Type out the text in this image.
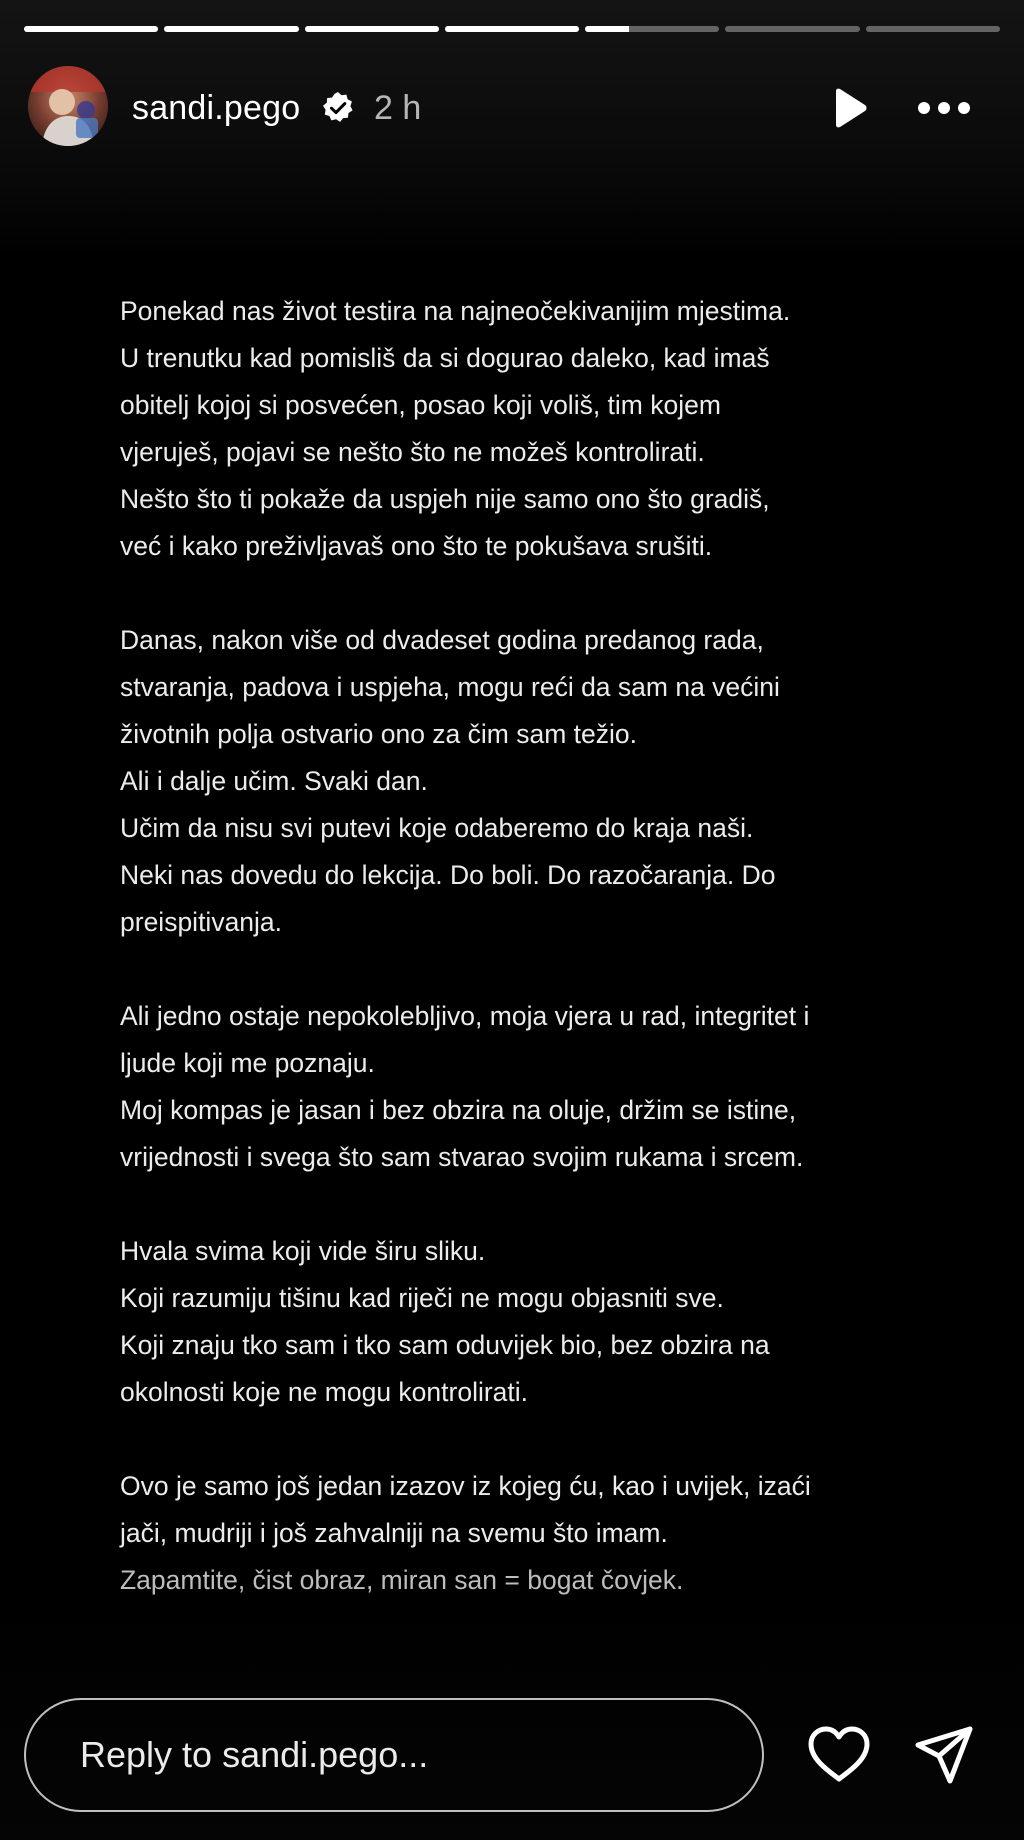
sandi.pego 2 h

Ponekad nas život testira na najneočekivanijim mjestima.
U trenutku kad pomisliš da si dogurao daleko, kad imaš
obitelj kojoj si posvećen, posao koji voliš, tim kojem
vjeruješ, pojavi se nešto što ne možeš kontrolirati.
Nešto što ti pokaže da uspjeh nije samo ono što gradiš,
već i kako preživljavaš ono što te pokušava srušiti.

Danas, nakon više od dvadeset godina predanog rada,
stvaranja, padova i uspjeha, mogu reći da sam na većini
životnih polja ostvario ono za čim sam težio.
Ali i dalje učim. Svaki dan.
Učim da nisu svi putevi koje odaberemo do kraja naši.
Neki nas dovedu do lekcija. Do boli. Do razočaranja. Do
preispitivanja.

Ali jedno ostaje nepokolebljivo, moja vjera u rad, integritet i
ljude koji me poznaju.
Moj kompas je jasan i bez obzira na oluje, držim se istine,
vrijednosti i svega što sam stvarao svojim rukama i srcem.

Hvala svima koji vide širu sliku.
Koji razumiju tišinu kad riječi ne mogu objasniti sve.
Koji znaju tko sam i tko sam oduvijek bio, bez obzira na
okolnosti koje ne mogu kontrolirati.

Ovo je samo još jedan izazov iz kojeg ću, kao i uvijek, izaći
jači, mudriji i još zahvalniji na svemu što imam.
Zapamtite, čist obraz, miran san = bogat čovjek.

Reply to sandi.pego...
